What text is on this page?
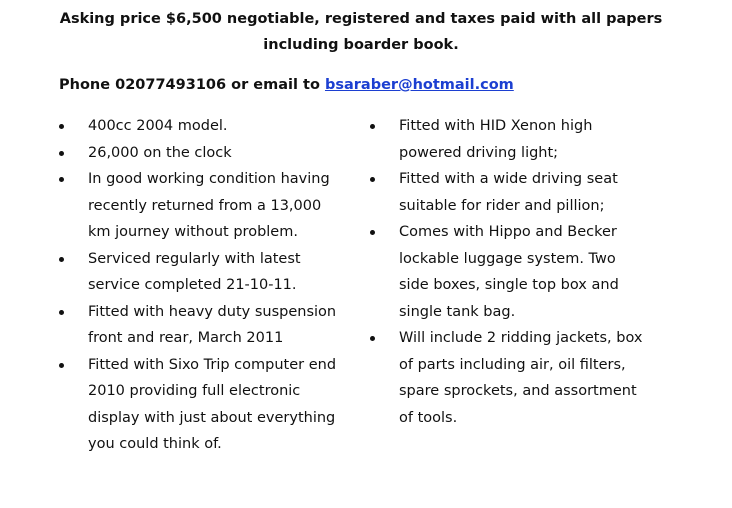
Asking price $6,500 negotiable, registered and taxes paid with all papers
including boarder book.
Phone 02077493106 or email to bsaraber@hotmail.com
400cc 2004 model.
26,000 on the clock
In good working condition having
recently returned from a 13,000
km journey without problem.
Serviced regularly with latest
service completed 21-10-11.
Fitted with heavy duty suspension
front and rear, March 2011
Fitted with Sixo Trip computer end
2010 providing full electronic
display with just about everything
you could think of.
Fitted with HID Xenon high
powered driving light;
Fitted with a wide driving seat
suitable for rider and pillion;
Comes with Hippo and Becker
lockable luggage system. Two
side boxes, single top box and
single tank bag.
Will include 2 ridding jackets, box
of parts including air, oil filters,
spare sprockets, and assortment
of tools.
